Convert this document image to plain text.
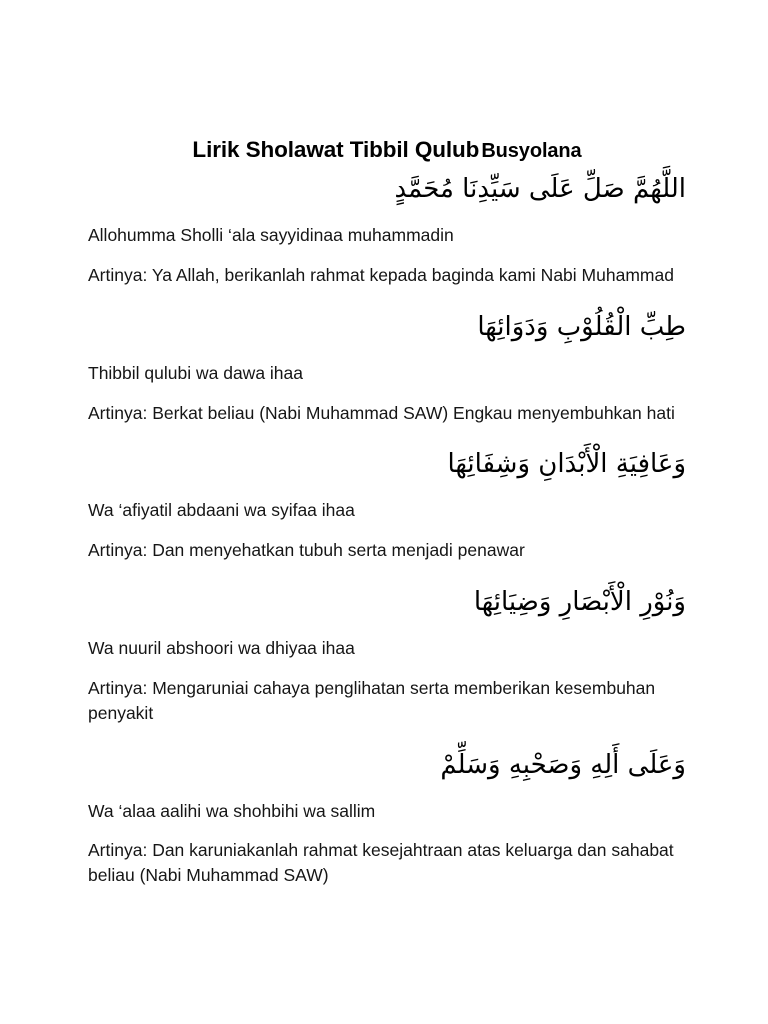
Lirik Sholawat Tibbil Qulub Busyolana
اللَّهُمَّ صَلِّ عَلَى سَيِّدِنَا مُحَمَّدٍ
Allohumma Sholli ‘ala sayyidinaa muhammadin
Artinya: Ya Allah, berikanlah rahmat kepada baginda kami Nabi Muhammad
طِبِّ الْقُلُوْبِ وَدَوَائِهَا
Thibbil qulubi wa dawa ihaa
Artinya: Berkat beliau (Nabi Muhammad SAW) Engkau menyembuhkan hati
وَعَافِيَةِ الْأَبْدَانِ وَشِفَائِهَا
Wa ‘afiyatil abdaani wa syifaa ihaa
Artinya: Dan menyehatkan tubuh serta menjadi penawar
وَنُوْرِ الْأَبْصَارِ وَضِيَائِهَا
Wa nuuril abshoori wa dhiyaa ihaa
Artinya: Mengaruniai cahaya penglihatan serta memberikan kesembuhan penyakit
وَعَلَى أَلِهِ وَصَحْبِهِ وَسَلِّمْ
Wa ‘alaa aalihi wa shohbihi wa sallim
Artinya: Dan karuniakanlah rahmat kesejahtraan atas keluarga dan sahabat beliau (Nabi Muhammad SAW)
